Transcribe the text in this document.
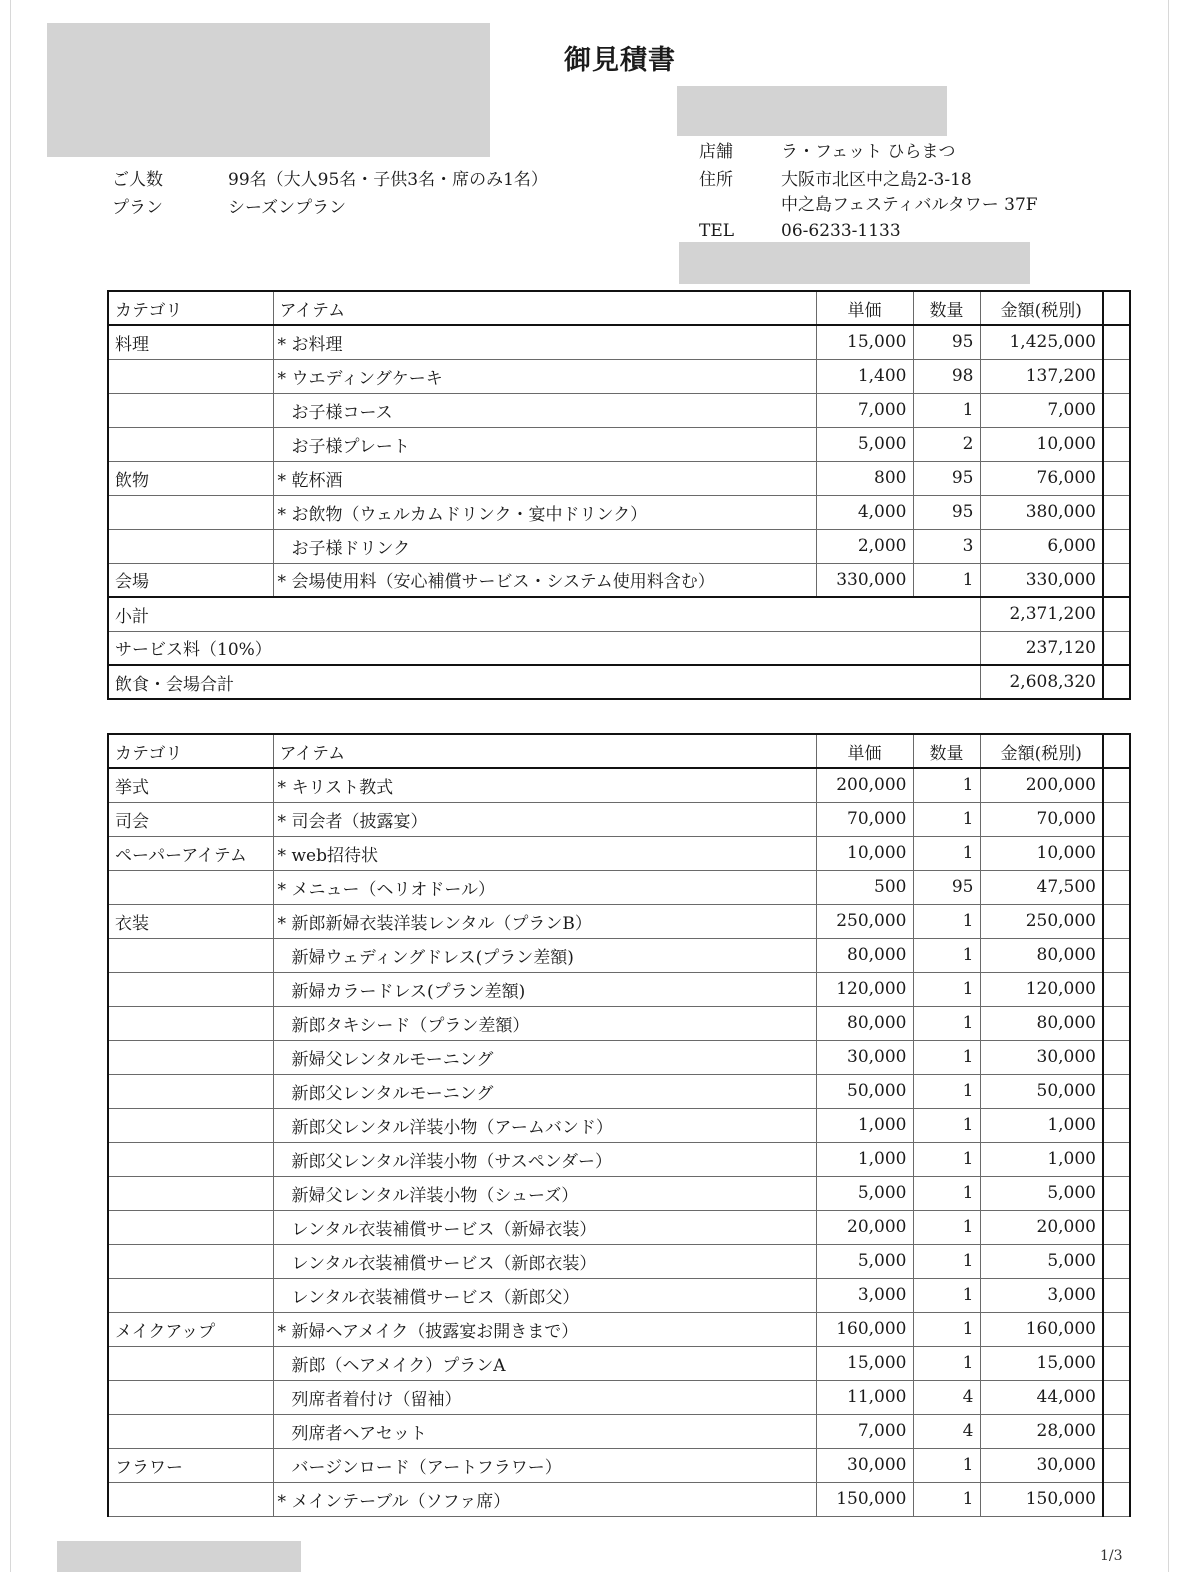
御見積書
ご人数	99名（大人95名・子供3名・席のみ1名）
プラン	シーズンプラン
店舗	ラ・フェット ひらまつ
住所	大阪市北区中之島2-3-18
中之島フェスティバルタワー 37F
TEL	06-6233-1133
カテゴリ	アイテム	単価	数量	金額(税別)	
料理	* お料理	15,000	95	1,425,000	
	* ウエディングケーキ	1,400	98	137,200	
	お子様コース	7,000	1	7,000	
	お子様プレート	5,000	2	10,000	
飲物	* 乾杯酒	800	95	76,000	
	* お飲物（ウェルカムドリンク・宴中ドリンク）	4,000	95	380,000	
	お子様ドリンク	2,000	3	6,000	
会場	* 会場使用料（安心補償サービス・システム使用料含む）	330,000	1	330,000	
小計				2,371,200	
サービス料（10%）				237,120	
飲食・会場合計				2,608,320	
カテゴリ	アイテム	単価	数量	金額(税別)	
挙式	* キリスト教式	200,000	1	200,000	
司会	* 司会者（披露宴）	70,000	1	70,000	
ペーパーアイテム	* web招待状	10,000	1	10,000	
	* メニュー（ヘリオドール）	500	95	47,500	
衣装	* 新郎新婦衣装洋装レンタル（プランB）	250,000	1	250,000	
	新婦ウェディングドレス(プラン差額)	80,000	1	80,000	
	新婦カラードレス(プラン差額)	120,000	1	120,000	
	新郎タキシード（プラン差額）	80,000	1	80,000	
	新婦父レンタルモーニング	30,000	1	30,000	
	新郎父レンタルモーニング	50,000	1	50,000	
	新郎父レンタル洋装小物（アームバンド）	1,000	1	1,000	
	新郎父レンタル洋装小物（サスペンダー）	1,000	1	1,000	
	新婦父レンタル洋装小物（シューズ）	5,000	1	5,000	
	レンタル衣装補償サービス（新婦衣装）	20,000	1	20,000	
	レンタル衣装補償サービス（新郎衣装）	5,000	1	5,000	
	レンタル衣装補償サービス（新郎父）	3,000	1	3,000	
メイクアップ	* 新婦ヘアメイク（披露宴お開きまで）	160,000	1	160,000	
	新郎（ヘアメイク）プランA	15,000	1	15,000	
	列席者着付け（留袖）	11,000	4	44,000	
	列席者ヘアセット	7,000	4	28,000	
フラワー	バージンロード（アートフラワー）	30,000	1	30,000	
	* メインテーブル（ソファ席）	150,000	1	150,000	
1/3
